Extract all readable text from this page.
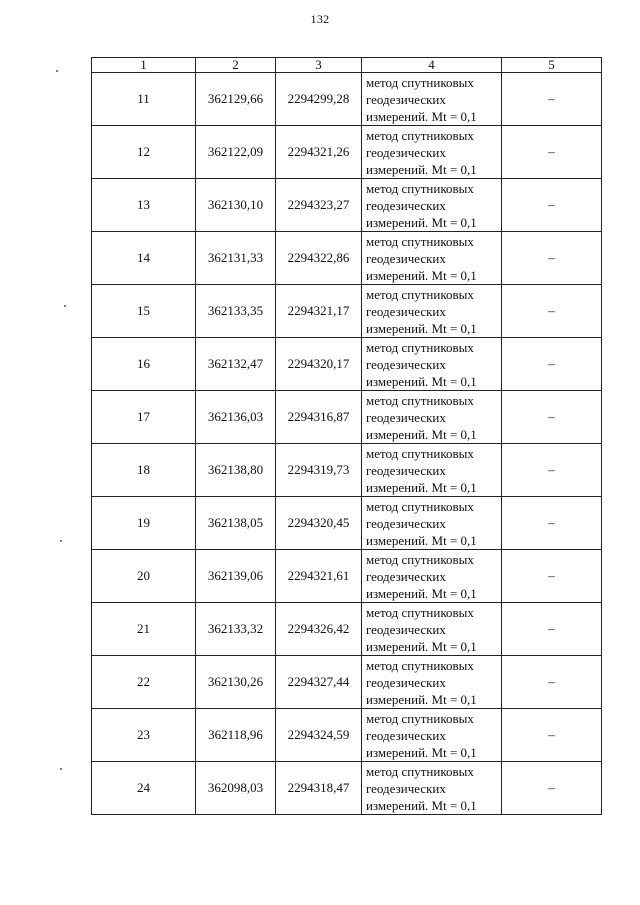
132
1	2	3	4	5
11	362129,66	2294299,28	метод спутниковых
геодезических
измерений. Mt = 0,1	–
12	362122,09	2294321,26	метод спутниковых
геодезических
измерений. Mt = 0,1	–
13	362130,10	2294323,27	метод спутниковых
геодезических
измерений. Mt = 0,1	–
14	362131,33	2294322,86	метод спутниковых
геодезических
измерений. Mt = 0,1	–
15	362133,35	2294321,17	метод спутниковых
геодезических
измерений. Mt = 0,1	–
16	362132,47	2294320,17	метод спутниковых
геодезических
измерений. Mt = 0,1	–
17	362136,03	2294316,87	метод спутниковых
геодезических
измерений. Mt = 0,1	–
18	362138,80	2294319,73	метод спутниковых
геодезических
измерений. Mt = 0,1	–
19	362138,05	2294320,45	метод спутниковых
геодезических
измерений. Mt = 0,1	–
20	362139,06	2294321,61	метод спутниковых
геодезических
измерений. Mt = 0,1	–
21	362133,32	2294326,42	метод спутниковых
геодезических
измерений. Mt = 0,1	–
22	362130,26	2294327,44	метод спутниковых
геодезических
измерений. Mt = 0,1	–
23	362118,96	2294324,59	метод спутниковых
геодезических
измерений. Mt = 0,1	–
24	362098,03	2294318,47	метод спутниковых
геодезических
измерений. Mt = 0,1	–
